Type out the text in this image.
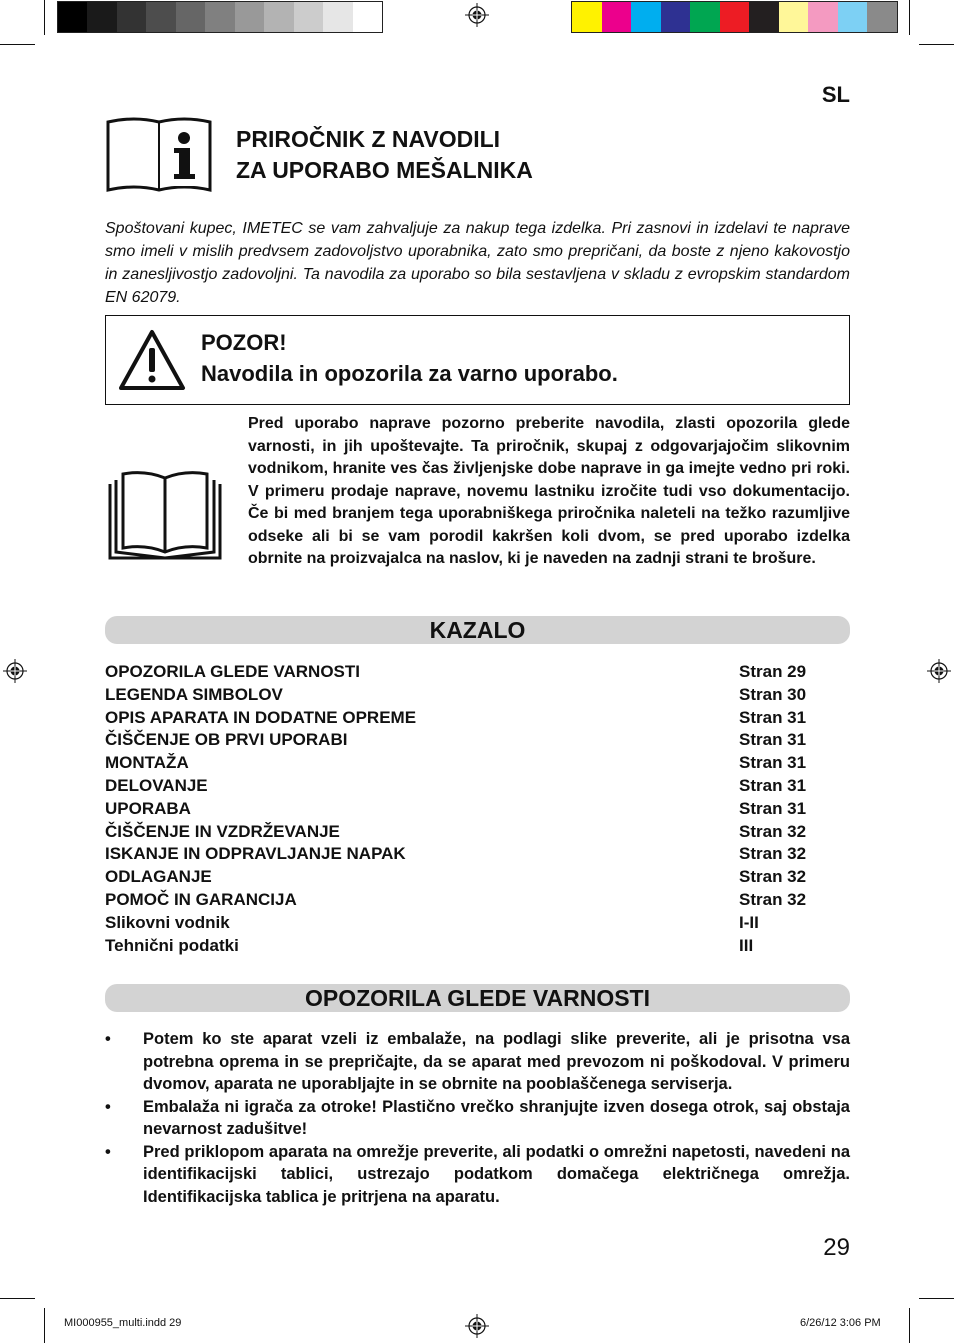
SL
PRIROČNIK Z NAVODILI
ZA UPORABO MEŠALNIKA
Spoštovani kupec, IMETEC se vam zahvaljuje za nakup tega izdelka. Pri zasnovi in izdelavi te naprave smo imeli v mislih predvsem zadovoljstvo uporabnika, zato smo prepričani, da boste z njeno kakovostjo in zanesljivostjo zadovoljni. Ta navodila za uporabo so bila sestavljena v skladu z evropskim standardom EN 62079.
POZOR!
Navodila in opozorila za varno uporabo.
Pred uporabo naprave pozorno preberite navodila, zlasti opozorila glede varnosti, in jih upoštevajte. Ta priročnik, skupaj z odgovarjajočim slikovnim vodnikom, hranite ves čas življenjske dobe naprave in ga imejte vedno pri roki. V primeru prodaje naprave, novemu lastniku izročite tudi vso dokumentacijo. Če bi med branjem tega uporabniškega priročnika naleteli na težko razumljive odseke ali bi se vam porodil kakršen koli dvom, se pred uporabo izdelka obrnite na proizvajalca na naslov, ki je naveden na zadnji strani te brošure.
KAZALO
OPOZORILA GLEDE VARNOSTI	Stran 29
LEGENDA SIMBOLOV	Stran 30
OPIS APARATA IN DODATNE OPREME	Stran 31
ČIŠČENJE OB PRVI UPORABI	Stran 31
MONTAŽA	Stran 31
DELOVANJE	Stran 31
UPORABA	Stran 31
ČIŠČENJE IN VZDRŽEVANJE	Stran 32
ISKANJE IN ODPRAVLJANJE NAPAK	Stran 32
ODLAGANJE	Stran 32
POMOČ IN GARANCIJA	Stran 32
Slikovni vodnik	I-II
Tehnični podatki	III
OPOZORILA GLEDE VARNOSTI
•	Potem ko ste aparat vzeli iz embalaže, na podlagi slike preverite, ali je prisotna vsa potrebna oprema in se prepričajte, da se aparat med prevozom ni poškodoval. V primeru dvomov, aparata ne uporabljajte in se obrnite na pooblaščenega serviserja.
•	Embalaža ni igrača za otroke! Plastično vrečko shranjujte izven dosega otrok, saj obstaja nevarnost zadušitve!
•	Pred priklopom aparata na omrežje preverite, ali podatki o omrežni napetosti, navedeni na identifikacijski tablici, ustrezajo podatkom domačega električnega omrežja. Identifikacijska tablica je pritrjena na aparatu.
29
MI000955_multi.indd 29	6/26/12 3:06 PM
